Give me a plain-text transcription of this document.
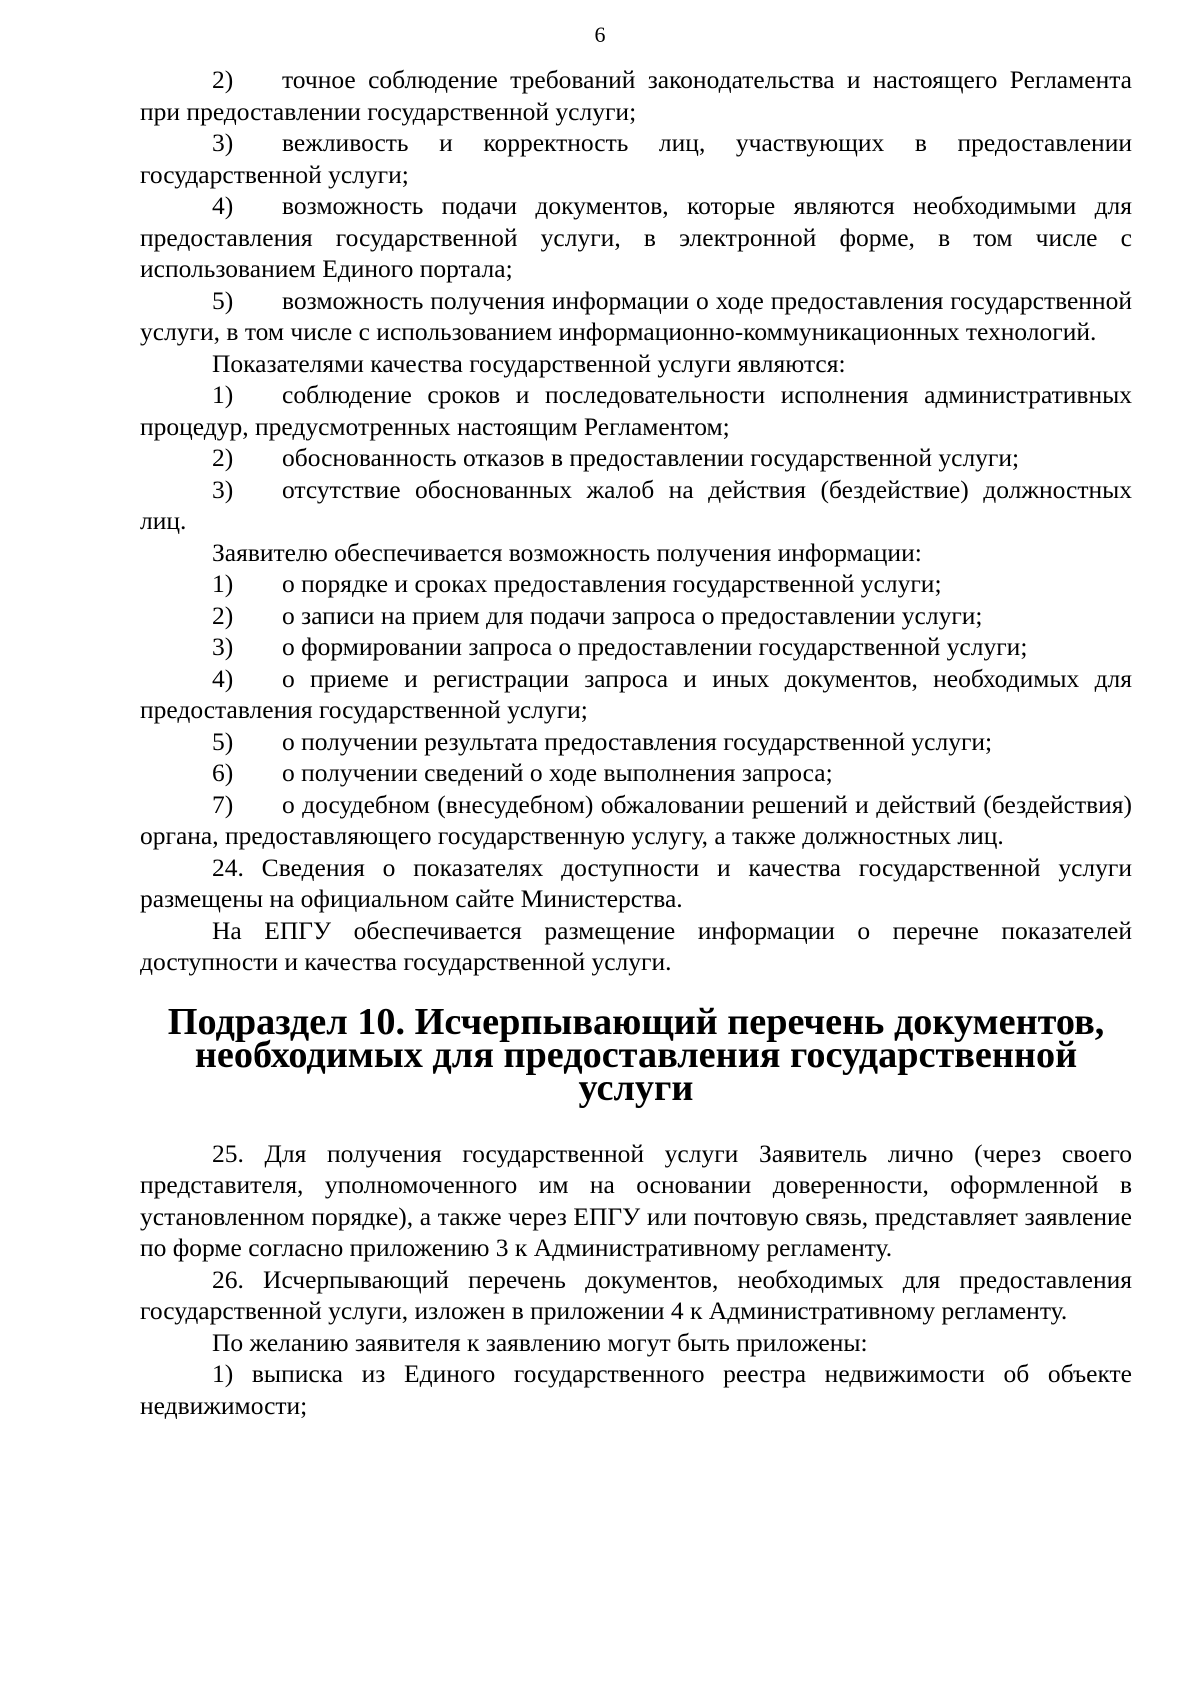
6

2) точное соблюдение требований законодательства и настоящего Регламента при предоставлении государственной услуги;

3) вежливость и корректность лиц, участвующих в предоставлении государственной услуги;

4) возможность подачи документов, которые являются необходимыми для предоставления государственной услуги, в электронной форме, в том числе с использованием Единого портала;

5) возможность получения информации о ходе предоставления государственной услуги, в том числе с использованием информационно-коммуникационных технологий.

Показателями качества государственной услуги являются:

1) соблюдение сроков и последовательности исполнения административных процедур, предусмотренных настоящим Регламентом;

2) обоснованность отказов в предоставлении государственной услуги;

3) отсутствие обоснованных жалоб на действия (бездействие) должностных лиц.

Заявителю обеспечивается возможность получения информации:

1) о порядке и сроках предоставления государственной услуги;

2) о записи на прием для подачи запроса о предоставлении услуги;

3) о формировании запроса о предоставлении государственной услуги;

4) о приеме и регистрации запроса и иных документов, необходимых для предоставления государственной услуги;

5) о получении результата предоставления государственной услуги;

6) о получении сведений о ходе выполнения запроса;

7) о досудебном (внесудебном) обжаловании решений и действий (бездействия) органа, предоставляющего государственную услугу, а также должностных лиц.

24. Сведения о показателях доступности и качества государственной услуги размещены на официальном сайте Министерства.

На ЕПГУ обеспечивается размещение информации о перечне показателей доступности и качества государственной услуги.

Подраздел 10. Исчерпывающий перечень документов,
необходимых для предоставления государственной услуги

25. Для получения государственной услуги Заявитель лично (через своего представителя, уполномоченного им на основании доверенности, оформленной в установленном порядке), а также через ЕПГУ или почтовую связь, представляет заявление по форме согласно приложению 3 к Административному регламенту.

26. Исчерпывающий перечень документов, необходимых для предоставления государственной услуги, изложен в приложении 4 к Административному регламенту.

По желанию заявителя к заявлению могут быть приложены:

1) выписка из Единого государственного реестра недвижимости об объекте недвижимости;
